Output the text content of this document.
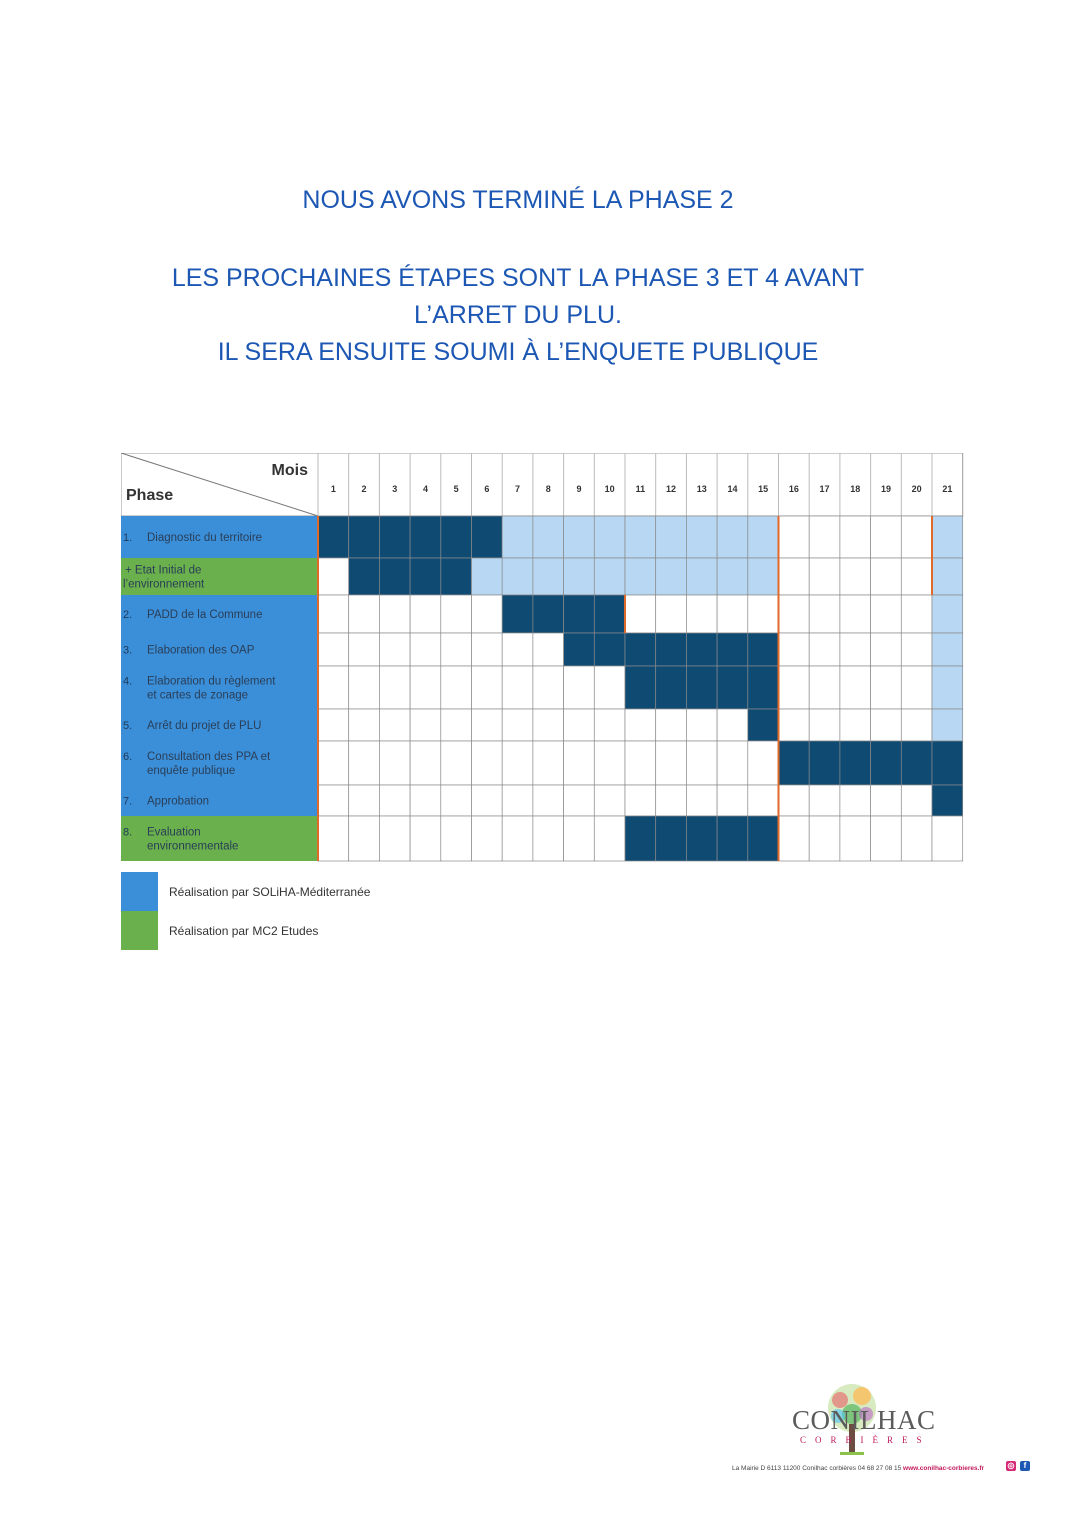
NOUS AVONS TERMINÉ LA PHASE 2

LES PROCHAINES ÉTAPES SONT LA PHASE 3 ET 4 AVANT
L’ARRET DU PLU.
IL SERA ENSUITE SOUMI À L’ENQUETE PUBLIQUE

Mois
Phase	1	2	3	4	5	6	7	8	9	10 11 12 13 14 15 16 17 18 19 20 21
1. Diagnostic du territoire
+ Etat Initial de
l’environnement
2. PADD de la Commune
3. Elaboration des OAP
4. Elaboration du règlement
et cartes de zonage
5. Arrêt du projet de PLU
6. Consultation des PPA et
enquête publique
7. Approbation
8. Evaluation
environnementale
Réalisation par SOLiHA-Méditerranée
Réalisation par MC2 Etudes
CONILHAC
CORBIÈRES
La Mairie D 6113 11200 Conilhac corbières 04 68 27 08 15 www.conilhac-corbieres.fr	◎	f
